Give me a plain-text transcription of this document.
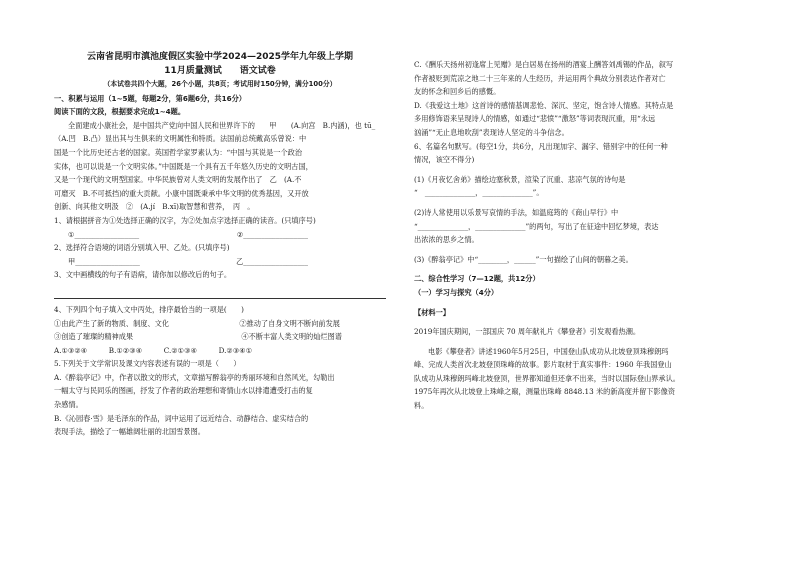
云南省昆明市滇池度假区实验中学2024—2025学年九年级上学期

11月质量测试　　语文试卷

（本试卷共四个大题，26个小题，共8页；考试用时150分钟，满分100分）

一、积累与运用（1~5题，每题2分，第6题6分，共16分）

阅读下面的文段，根据要求完成1~4题。

全面建成小康社会，是中国共产党向中国人民和世界许下的　　甲　　(A.向宫　B.内涵)，也 tū_

（A.凹　B.凸）显出其与生俱来的文明属性和特质。法国前总统戴高乐曾说：中

国是一个比历史还古老的国家。英国哲学家罗素认为：“中国与其说是一个政治

实体，也可以说是一个文明实体。”中国既是一个具有五千年悠久历史的文明古国，

又是一个现代的文明型国家。中华民族曾对人类文明的发展作出了　乙　(A.不

可磨灭　B.不可抵挡)的重大贡献。小康中国既秉承中华文明的优秀基因，又开放

创新、向其他文明汲　②　(A.jí　B.xī)取智慧和营养，　丙　。

1、请根据拼音为①处选择正确的汉字，为②处加点字选择正确的读音。(只填序号)

①__________________	②__________________

2、选择符合语境的词语分别填入甲、乙处。(只填序号)

甲__________________	乙__________________

3、文中画横线的句子有语病，请你加以修改后的句子。

4、下列四个句子填入文中丙处，排序最恰当的一项是(　　)

①由此产生了新的物质、制度、文化	②推动了自身文明不断向前发展
③创造了璀璨的精神成果	④不断丰富人类文明的灿烂图谱

A.①③②④　　　B.①②③④　　　C.②①③④　　　D.②③④①

5.下列关于文学常识及课文内容表述有误的一项是（　　）

A.《醉翁亭记》中，作者以散文的形式，文章描写醉翁亭的秀丽环境和自然风光，勾勒出

一幅太守与民同乐的图画，抒发了作者的政治理想和寄情山水以排遣遭受打击的复

杂感情。

B.《沁园春·雪》是毛泽东的作品，词中运用了远近结合、动静结合、虚实结合的

表现手法，描绘了一幅雄阔壮丽的北国雪景图。

C.《酬乐天扬州初逢席上见赠》是白居易在扬州的酒宴上酬答刘禹锡的作品，叙写

作者被贬到荒凉之地二十三年来的人生经历，并运用两个典故分别表达作者对亡

友的怀念和回乡后的感慨。

D.《我爱这土地》这首诗的感情基调悲怆、深沉、坚定，饱含诗人情感。其特点是

多用修饰语来呈现诗人的情感，如通过“悲愤”“激怒”等词表现沉重，用“永远

汹涌”“无止息地吹刮”表现诗人坚定的斗争信念。

6、名篇名句默写。(每空1分，共6分，凡出现加字、漏字、错别字中的任何一种

情况，该空不得分)

(1)《月夜忆舍弟》描绘边塞秋景，渲染了沉重、悲凉气氛的诗句是

“　______________，______________”。

(2)诗人常使用以乐景写哀情的手法，如温庭筠的《商山早行》中

“______________，______________”的两句，写出了在征途中回忆梦境，表达

出浓浓的思乡之情。

(3)《醉翁亭记》中“________，______”一句描绘了山间的朝暮之美。

二、综合性学习（7—12题，共12分）

（一）学习与探究（4分）

【材料一】

2019年国庆期间，一部国庆 70 周年献礼片《攀登者》引发观看热潮。

电影《攀登者》讲述1960年5月25日，中国登山队成功从北坡登顶珠穆朗玛

峰、完成人类首次北坡登顶珠峰的故事。影片取材于真实事件：1960 年我国登山

队成功从珠穆朗玛峰北坡登顶，世界都知道但还拿不出来，当时以国际登山界承认。

1975年再次从北坡登上珠峰之巅，测量出珠峰 8848.13 米的新高度并留下影像资

料。
